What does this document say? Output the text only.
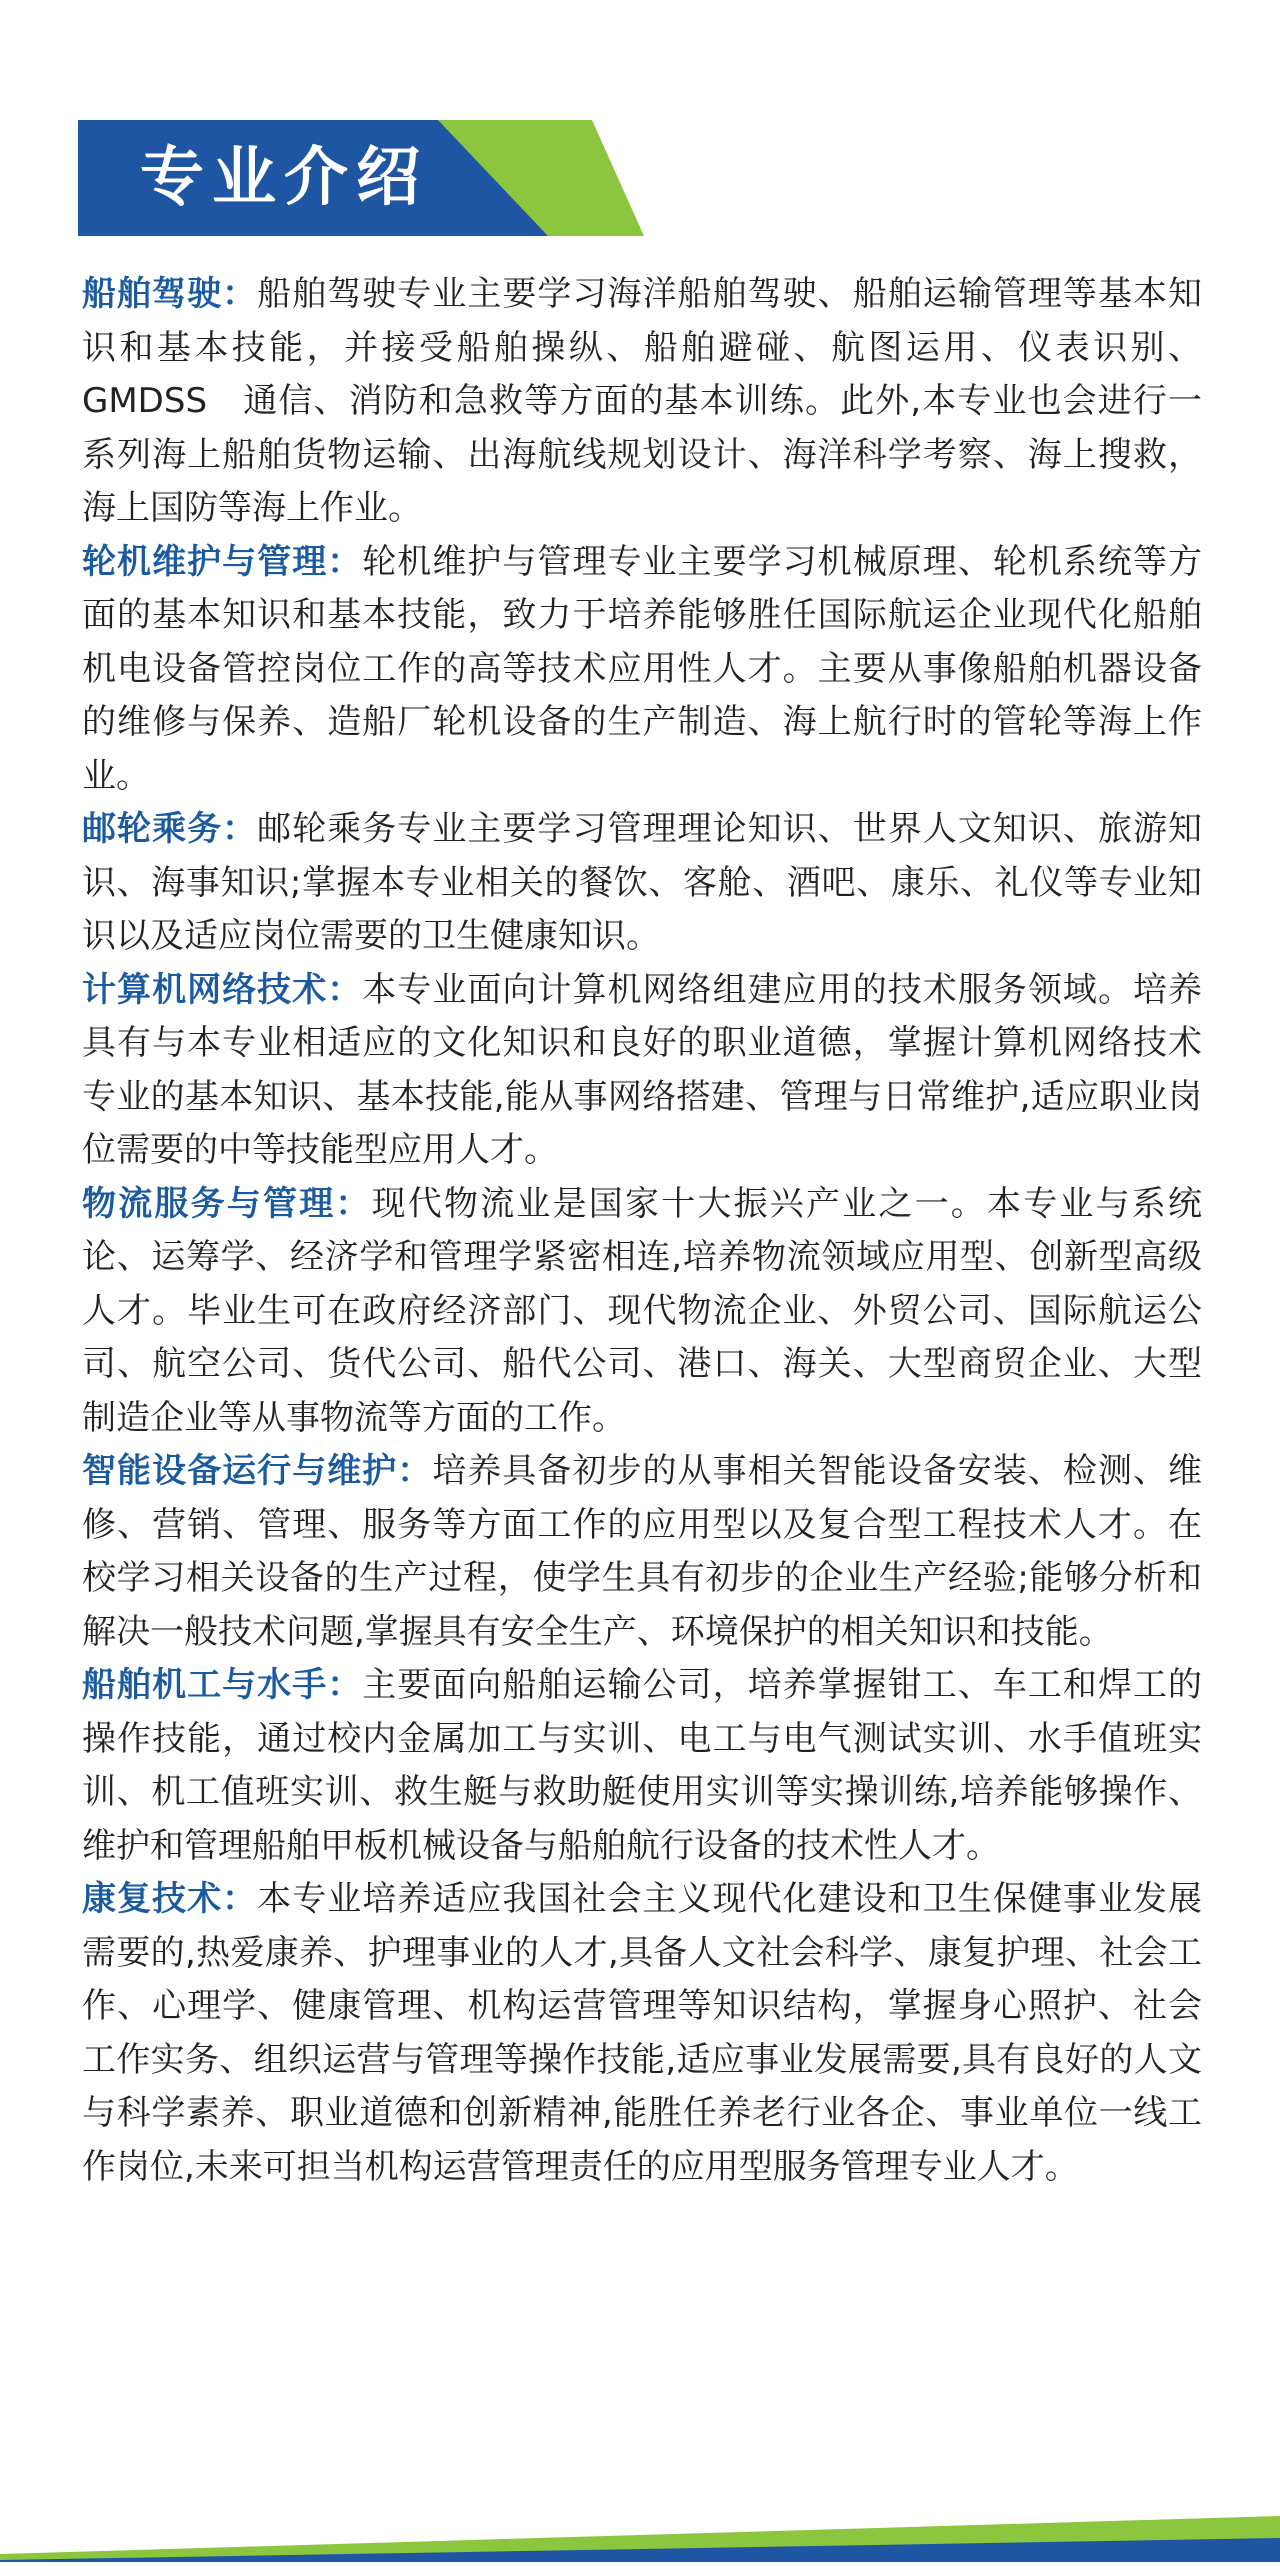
专业介绍

船舶驾驶：船舶驾驶专业主要学习海洋船舶驾驶、船舶运输管理等基本知识和基本技能，并接受船舶操纵、船舶避碰、航图运用、仪表识别、GMDSS　通信、消防和急救等方面的基本训练。此外,本专业也会进行一系列海上船舶货物运输、出海航线规划设计、海洋科学考察、海上搜救，海上国防等海上作业。

轮机维护与管理：轮机维护与管理专业主要学习机械原理、轮机系统等方面的基本知识和基本技能，致力于培养能够胜任国际航运企业现代化船舶机电设备管控岗位工作的高等技术应用性人才。主要从事像船舶机器设备的维修与保养、造船厂轮机设备的生产制造、海上航行时的管轮等海上作业。

邮轮乘务：邮轮乘务专业主要学习管理理论知识、世界人文知识、旅游知识、海事知识;掌握本专业相关的餐饮、客舱、酒吧、康乐、礼仪等专业知识以及适应岗位需要的卫生健康知识。

计算机网络技术：本专业面向计算机网络组建应用的技术服务领域。培养具有与本专业相适应的文化知识和良好的职业道德，掌握计算机网络技术专业的基本知识、基本技能,能从事网络搭建、管理与日常维护,适应职业岗位需要的中等技能型应用人才。

物流服务与管理：现代物流业是国家十大振兴产业之一。本专业与系统论、运筹学、经济学和管理学紧密相连,培养物流领域应用型、创新型高级人才。毕业生可在政府经济部门、现代物流企业、外贸公司、国际航运公司、航空公司、货代公司、船代公司、港口、海关、大型商贸企业、大型制造企业等从事物流等方面的工作。

智能设备运行与维护：培养具备初步的从事相关智能设备安装、检测、维修、营销、管理、服务等方面工作的应用型以及复合型工程技术人才。在校学习相关设备的生产过程，使学生具有初步的企业生产经验;能够分析和解决一般技术问题,掌握具有安全生产、环境保护的相关知识和技能。

船舶机工与水手：主要面向船舶运输公司，培养掌握钳工、车工和焊工的操作技能，通过校内金属加工与实训、电工与电气测试实训、水手值班实训、机工值班实训、救生艇与救助艇使用实训等实操训练,培养能够操作、维护和管理船舶甲板机械设备与船舶航行设备的技术性人才。

康复技术：本专业培养适应我国社会主义现代化建设和卫生保健事业发展需要的,热爱康养、护理事业的人才,具备人文社会科学、康复护理、社会工作、心理学、健康管理、机构运营管理等知识结构，掌握身心照护、社会工作实务、组织运营与管理等操作技能,适应事业发展需要,具有良好的人文与科学素养、职业道德和创新精神,能胜任养老行业各企、事业单位一线工作岗位,未来可担当机构运营管理责任的应用型服务管理专业人才。
